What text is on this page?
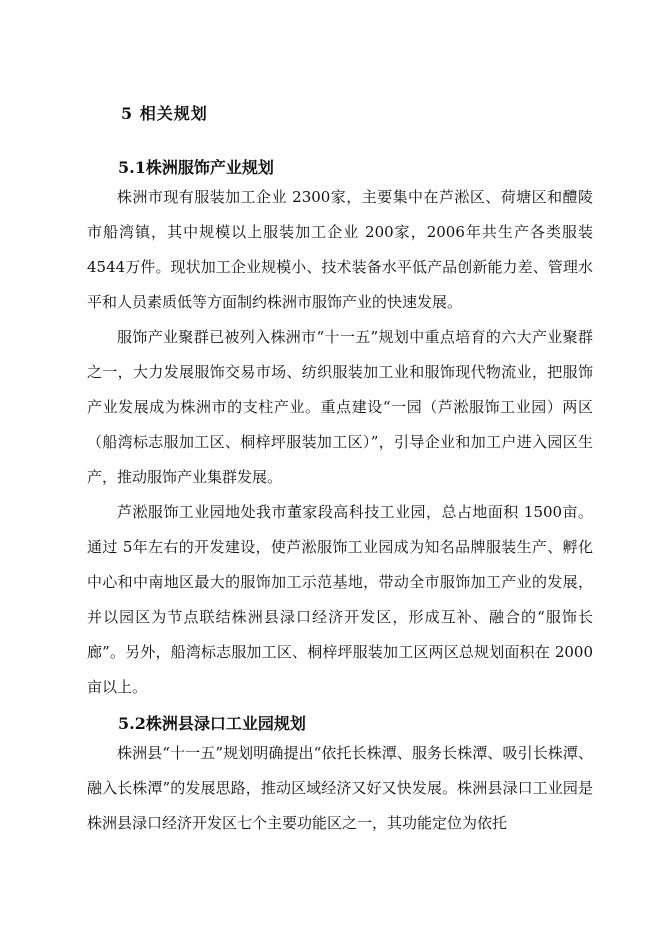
5 相关规划
5.1株洲服饰产业规划

株洲市现有服装加工企业 2300家，主要集中在芦淞区、荷塘区和醴陵市船湾镇，其中规模以上服装加工企业 200家，2006年共生产各类服装 4544万件。现状加工企业规模小、技术装备水平低产品创新能力差、管理水平和人员素质低等方面制约株洲市服饰产业的快速发展。

服饰产业聚群已被列入株洲市“十一五”规划中重点培育的六大产业聚群之一，大力发展服饰交易市场、纺织服装加工业和服饰现代物流业，把服饰产业发展成为株洲市的支柱产业。重点建设“一园（芦淞服饰工业园）两区（船湾标志服加工区、桐梓坪服装加工区）”，引导企业和加工户进入园区生产，推动服饰产业集群发展。

芦淞服饰工业园地处我市董家段高科技工业园，总占地面积 1500亩。通过 5年左右的开发建设，使芦淞服饰工业园成为知名品牌服装生产、孵化中心和中南地区最大的服饰加工示范基地，带动全市服饰加工产业的发展，并以园区为节点联结株洲县渌口经济开发区，形成互补、融合的“服饰长廊”。另外，船湾标志服加工区、桐梓坪服装加工区两区总规划面积在 2000亩以上。

5.2株洲县渌口工业园规划

株洲县“十一五”规划明确提出“依托长株潭、服务长株潭、吸引长株潭、融入长株潭”的发展思路，推动区域经济又好又快发展。株洲县渌口工业园是株洲县渌口经济开发区七个主要功能区之一，其功能定位为依托
